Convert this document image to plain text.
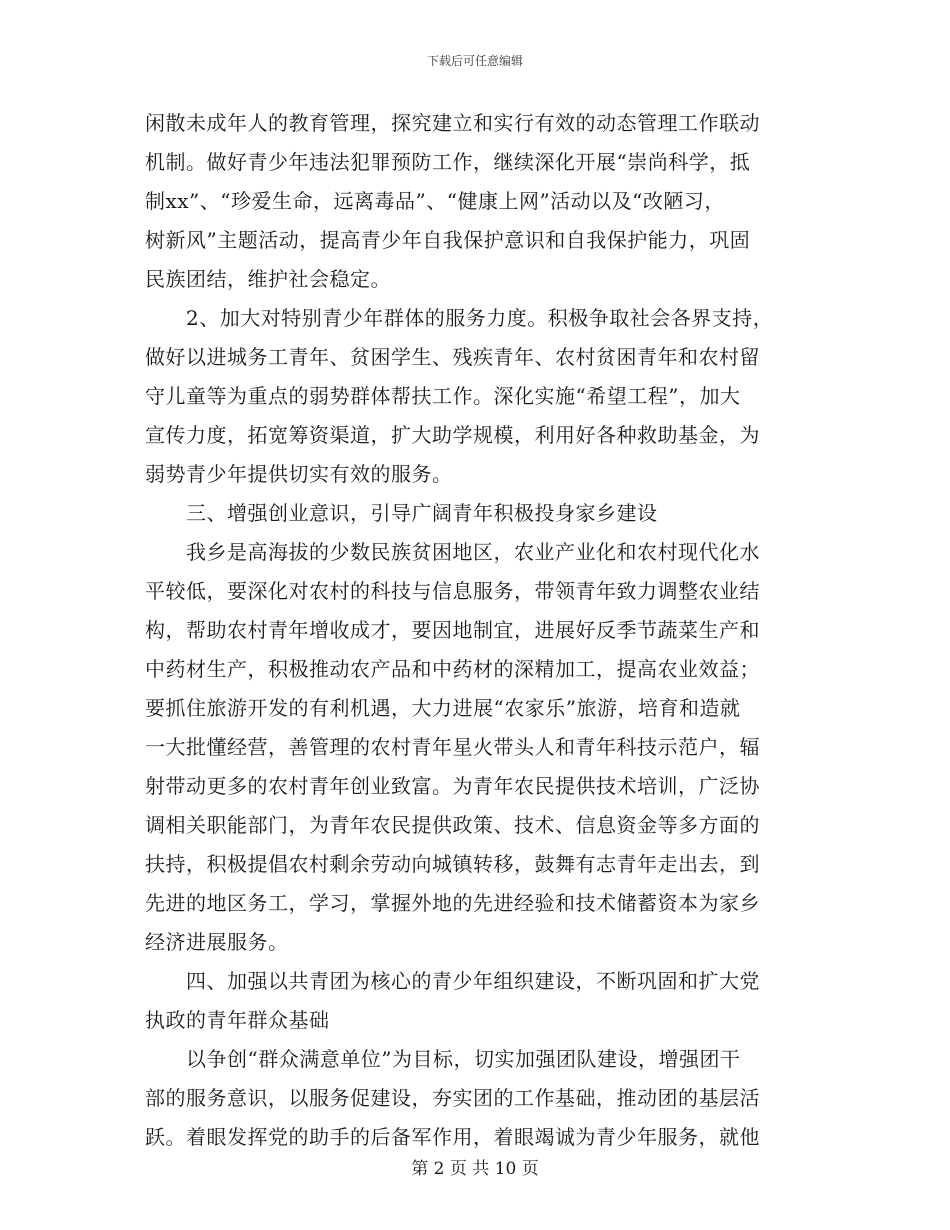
下载后可任意编辑
闲散未成年人的教育管理，探究建立和实行有效的动态管理工作联动
机制。做好青少年违法犯罪预防工作，继续深化开展“崇尚科学，抵
制xx”、“珍爱生命，远离毒品”、“健康上网”活动以及“改陋习，
树新风”主题活动，提高青少年自我保护意识和自我保护能力，巩固
民族团结，维护社会稳定。
　　2、加大对特别青少年群体的服务力度。积极争取社会各界支持，
做好以进城务工青年、贫困学生、残疾青年、农村贫困青年和农村留
守儿童等为重点的弱势群体帮扶工作。深化实施“希望工程”，加大
宣传力度，拓宽筹资渠道，扩大助学规模，利用好各种救助基金，为
弱势青少年提供切实有效的服务。
　　三、增强创业意识，引导广阔青年积极投身家乡建设
　　我乡是高海拔的少数民族贫困地区，农业产业化和农村现代化水
平较低，要深化对农村的科技与信息服务，带领青年致力调整农业结
构，帮助农村青年增收成才，要因地制宜，进展好反季节蔬菜生产和
中药材生产，积极推动农产品和中药材的深精加工，提高农业效益；
要抓住旅游开发的有利机遇，大力进展“农家乐”旅游，培育和造就
一大批懂经营，善管理的农村青年星火带头人和青年科技示范户，辐
射带动更多的农村青年创业致富。为青年农民提供技术培训，广泛协
调相关职能部门，为青年农民提供政策、技术、信息资金等多方面的
扶持，积极提倡农村剩余劳动向城镇转移，鼓舞有志青年走出去，到
先进的地区务工，学习，掌握外地的先进经验和技术储蓄资本为家乡
经济进展服务。
　　四、加强以共青团为核心的青少年组织建设，不断巩固和扩大党
执政的青年群众基础
　　以争创“群众满意单位”为目标，切实加强团队建设，增强团干
部的服务意识，以服务促建设，夯实团的工作基础，推动团的基层活
跃。着眼发挥党的助手的后备军作用，着眼竭诚为青少年服务，就他
第 2 页 共 10 页
